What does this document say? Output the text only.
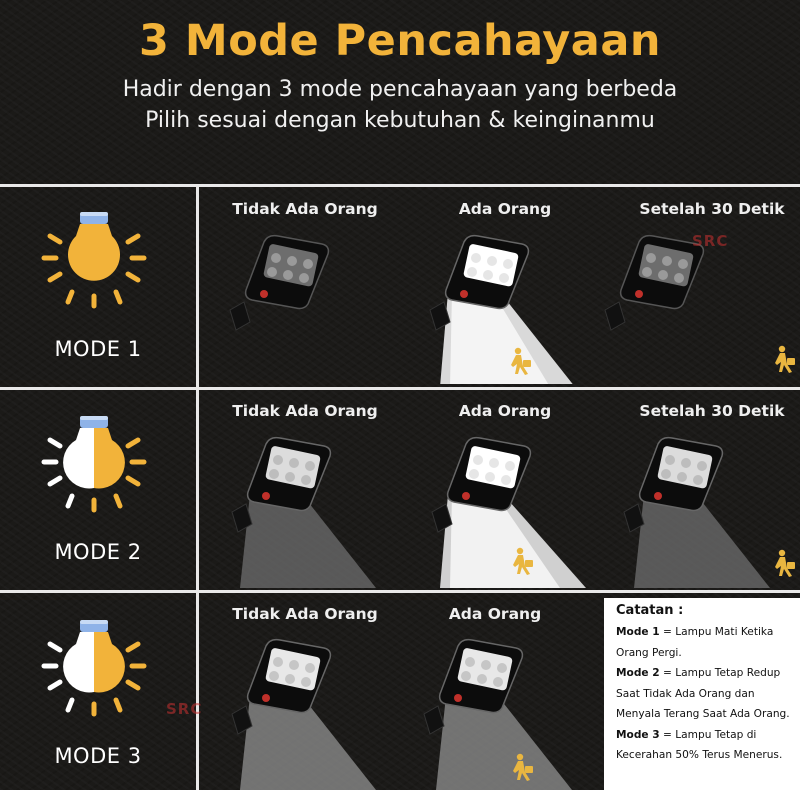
3 Mode Pencahayaan
Hadir dengan 3 mode pencahayaan yang berbeda
Pilih sesuai dengan kebutuhan & keinginanmu
MODE 1
Tidak Ada Orang	Ada Orang	Setelah 30 Detik
SRC
MODE 2
Tidak Ada Orang	Ada Orang	Setelah 30 Detik
MODE 3
Tidak Ada Orang	Ada Orang
SRC
Catatan :
Mode 1 = Lampu Mati Ketika Orang Pergi.
Mode 2 = Lampu Tetap Redup Saat Tidak Ada Orang dan Menyala Terang Saat Ada Orang.
Mode 3 = Lampu Tetap di Kecerahan 50% Terus Menerus.
